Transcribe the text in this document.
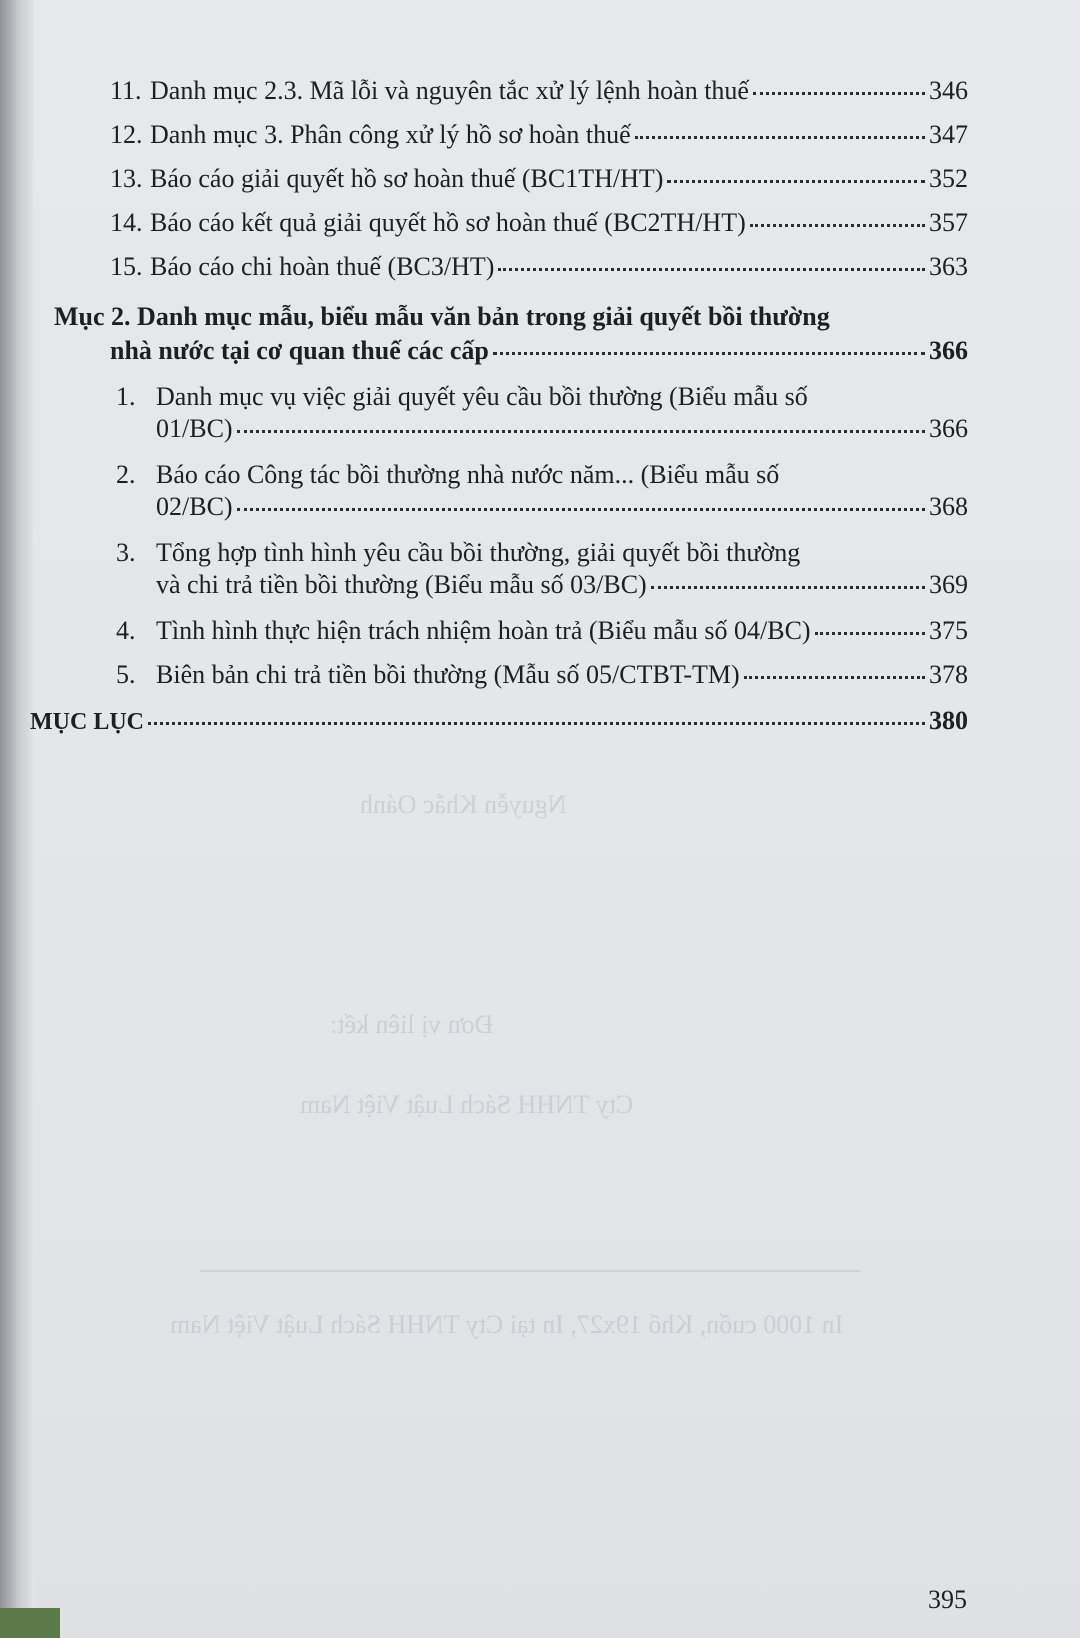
Nguyễn Khắc Oánh
Đơn vị liên kết:
Cty TNHH Sách Luật Việt Nam
In 1000 cuốn, Khổ 19x27, In tại Cty TNHH Sách Luật Việt Nam
11. Danh mục 2.3. Mã lỗi và nguyên tắc xử lý lệnh hoàn thuế	346
12. Danh mục 3. Phân công xử lý hồ sơ hoàn thuế	347
13. Báo cáo giải quyết hồ sơ hoàn thuế (BC1TH/HT)	352
14. Báo cáo kết quả giải quyết hồ sơ hoàn thuế (BC2TH/HT)	357
15. Báo cáo chi hoàn thuế (BC3/HT)	363
Mục 2. Danh mục mẫu, biểu mẫu văn bản trong giải quyết bồi thường
nhà nước tại cơ quan thuế các cấp	366
1. Danh mục vụ việc giải quyết yêu cầu bồi thường (Biểu mẫu số
01/BC)	366
2. Báo cáo Công tác bồi thường nhà nước năm... (Biểu mẫu số
02/BC)	368
3. Tổng hợp tình hình yêu cầu bồi thường, giải quyết bồi thường
và chi trả tiền bồi thường (Biểu mẫu số 03/BC)	369
4. Tình hình thực hiện trách nhiệm hoàn trả (Biểu mẫu số 04/BC)	375
5. Biên bản chi trả tiền bồi thường (Mẫu số 05/CTBT-TM)	378
MỤC LỤC	380
395
